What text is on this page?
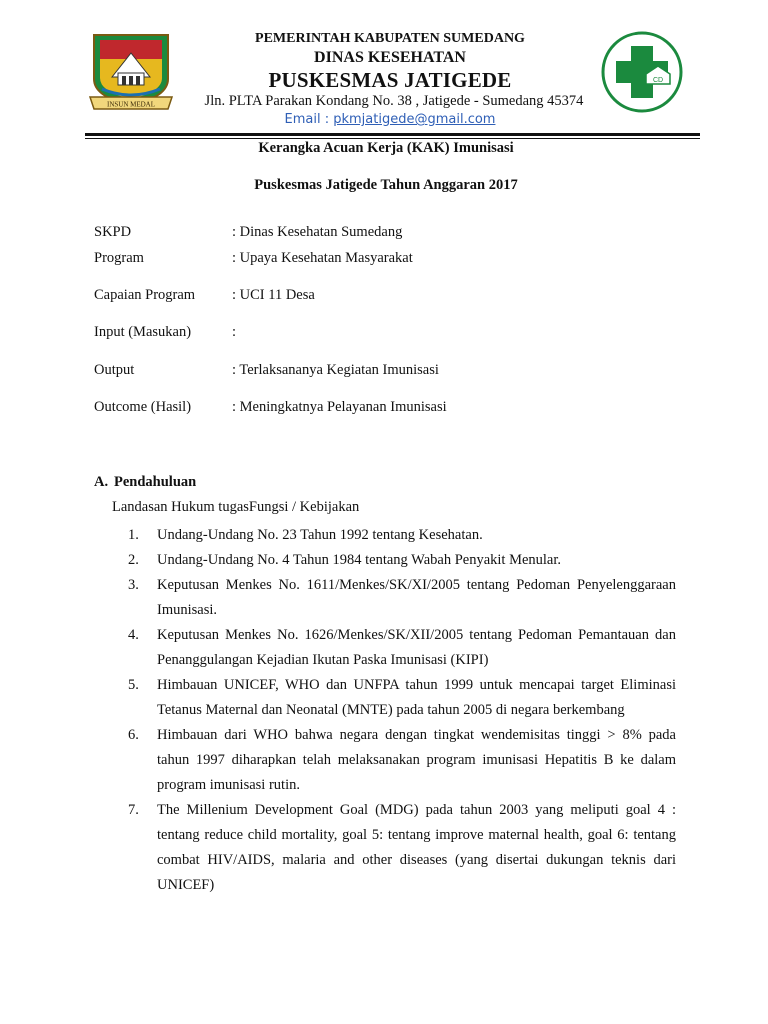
INSUN MEDAL
CD
PEMERINTAH KABUPATEN SUMEDANG
DINAS KESEHATAN
PUSKESMAS JATIGEDE
Jln. PLTA Parakan Kondang No. 38 , Jatigede - Sumedang 45374
Email : pkmjatigede@gmail.com
Kerangka Acuan Kerja (KAK) Imunisasi
Puskesmas Jatigede Tahun Anggaran 2017
SKPD	: Dinas Kesehatan Sumedang
Program	: Upaya Kesehatan Masyarakat
Capaian Program	: UCI 11 Desa
Input (Masukan)	:
Output	: Terlaksananya Kegiatan Imunisasi
Outcome (Hasil)	: Meningkatnya Pelayanan Imunisasi
A. Pendahuluan
Landasan Hukum tugasFungsi / Kebijakan
1. Undang-Undang No. 23 Tahun 1992 tentang Kesehatan.
2. Undang-Undang No. 4 Tahun 1984 tentang Wabah Penyakit Menular.
3. Keputusan Menkes No. 1611/Menkes/SK/XI/2005 tentang Pedoman Penyelenggaraan Imunisasi.
4. Keputusan Menkes No. 1626/Menkes/SK/XII/2005 tentang Pedoman Pemantauan dan Penanggulangan Kejadian Ikutan Paska Imunisasi (KIPI)
5. Himbauan UNICEF, WHO dan UNFPA tahun 1999 untuk mencapai target Eliminasi Tetanus Maternal dan Neonatal (MNTE) pada tahun 2005 di negara berkembang
6. Himbauan dari WHO bahwa negara dengan tingkat wendemisitas tinggi > 8% pada tahun 1997 diharapkan telah melaksanakan program imunisasi Hepatitis B ke dalam program imunisasi rutin.
7. The Millenium Development Goal (MDG) pada tahun 2003 yang meliputi goal 4 : tentang reduce child mortality, goal 5: tentang improve maternal health, goal 6: tentang combat HIV/AIDS, malaria and other diseases (yang disertai dukungan teknis dari UNICEF)
